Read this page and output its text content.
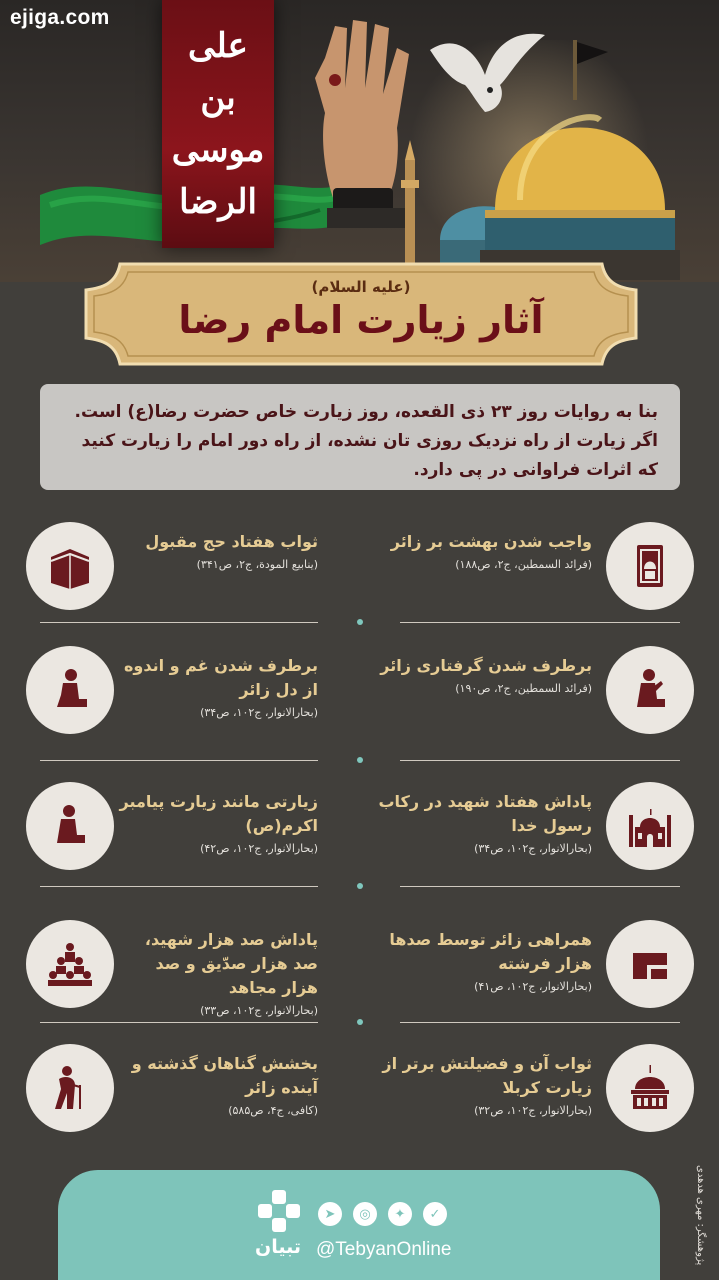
علی بن موسی الرضا
ejiga.com
(علیه السلام)
آثار زیارت امام رضا
بنا به روایات روز ۲۳ ذی القعده، روز زیارت خاص حضرت رضا(ع) است. اگر زیارت از راه نزدیک روزی تان نشده، از راه دور امام را زیارت کنید که اثرات فراوانی در پی دارد.
واجب شدن بهشت بر زائر
(فرائد السمطین، ج۲، ص۱۸۸)
برطرف شدن گرفتاری زائر
(فرائد السمطین، ج۲، ص۱۹۰)
پاداش هفتاد شهید در رکاب رسول خدا
(بحارالانوار، ج۱۰۲، ص۳۴)
همراهی زائر توسط صدها هزار فرشته
(بحارالانوار، ج۱۰۲، ص۴۱)
ثواب آن و فضیلتش برتر از زیارت کربلا
(بحارالانوار، ج۱۰۲، ص۳۲)
ثواب هفتاد حج مقبول
(ینابیع المودة، ج۲، ص۳۴۱)
برطرف شدن غم و اندوه از دل زائر
(بحارالانوار، ج۱۰۲، ص۳۴)
زیارتی مانند زیارت پیامبر اکرم(ص)
(بحارالانوار، ج۱۰۲، ص۴۲)
پاداش صد هزار شهید، صد هزار صدّیق و صد هزار مجاهد
(بحارالانوار، ج۱۰۲، ص۳۳)
بخشش گناهان گذشته و آینده زائر
(کافی، ج۴، ص۵۸۵)
پژوهشگر: مهری هدهدی
تبیان
➤	◎	✦	✓
@TebyanOnline
